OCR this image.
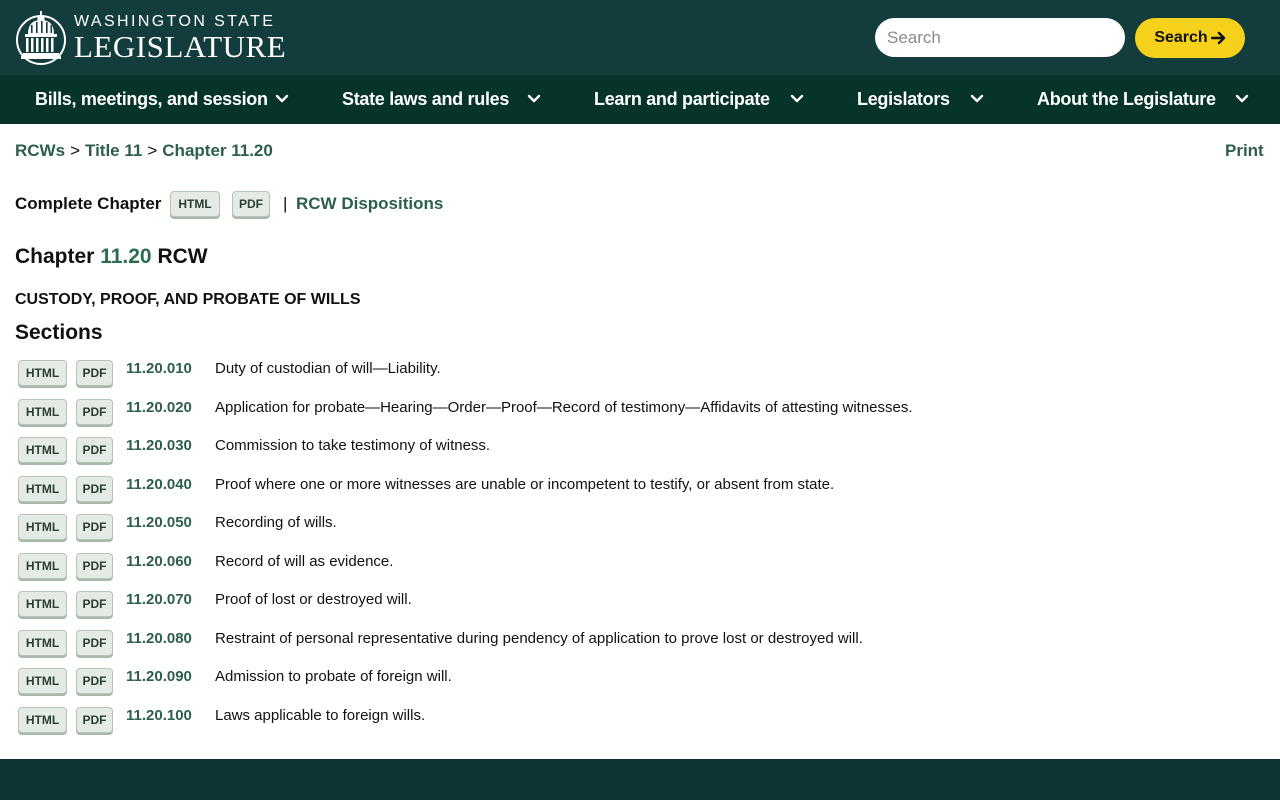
WASHINGTON STATE
LEGISLATURE
Search	Search
Bills, meetings, and session	State laws and rules	Learn and participate	Legislators	About the Legislature
RCWs > Title 11 > Chapter 11.20	Print
Complete Chapter	HTML	PDF	| RCW Dispositions
Chapter 11.20 RCW
CUSTODY, PROOF, AND PROBATE OF WILLS
Sections
HTML	PDF	11.20.010 Duty of custodian of will—Liability.
HTML	PDF	11.20.020 Application for probate—Hearing—Order—Proof—Record of testimony—Affidavits of attesting witnesses.
HTML	PDF	11.20.030 Commission to take testimony of witness.
HTML	PDF	11.20.040 Proof where one or more witnesses are unable or incompetent to testify, or absent from state.
HTML	PDF	11.20.050 Recording of wills.
HTML	PDF	11.20.060 Record of will as evidence.
HTML	PDF	11.20.070 Proof of lost or destroyed will.
HTML	PDF	11.20.080 Restraint of personal representative during pendency of application to prove lost or destroyed will.
HTML	PDF	11.20.090 Admission to probate of foreign will.
HTML	PDF	11.20.100 Laws applicable to foreign wills.
